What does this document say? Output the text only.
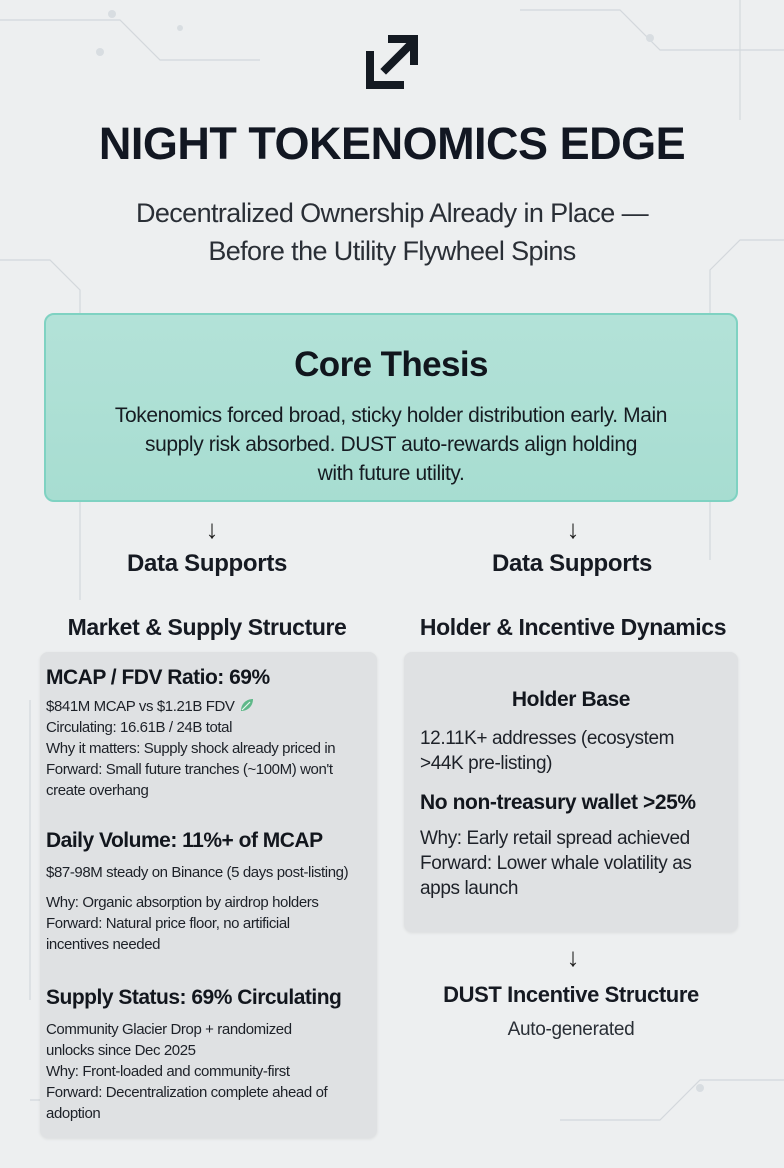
NIGHT TOKENOMICS EDGE
Decentralized Ownership Already in Place —
Before the Utility Flywheel Spins
Core Thesis
Tokenomics forced broad, sticky holder distribution early. Main
supply risk absorbed. DUST auto-rewards align holding
with future utility.
↓	↓
Data Supports	Data Supports
Market & Supply Structure	Holder & Incentive Dynamics
MCAP / FDV Ratio: 69%
$841M MCAP vs $1.21B FDV
Circulating: 16.61B / 24B total
Why it matters: Supply shock already priced in
Forward: Small future tranches (~100M) won't
create overhang
Daily Volume: 11%+ of MCAP
$87-98M steady on Binance (5 days post-listing)
Why: Organic absorption by airdrop holders
Forward: Natural price floor, no artificial
incentives needed
Supply Status: 69% Circulating
Community Glacier Drop + randomized
unlocks since Dec 2025
Why: Front-loaded and community-first
Forward: Decentralization complete ahead of
adoption
Holder Base
12.11K+ addresses (ecosystem
>44K pre-listing)
No non-treasury wallet >25%
Why: Early retail spread achieved
Forward: Lower whale volatility as
apps launch
↓
DUST Incentive Structure
Auto-generated
